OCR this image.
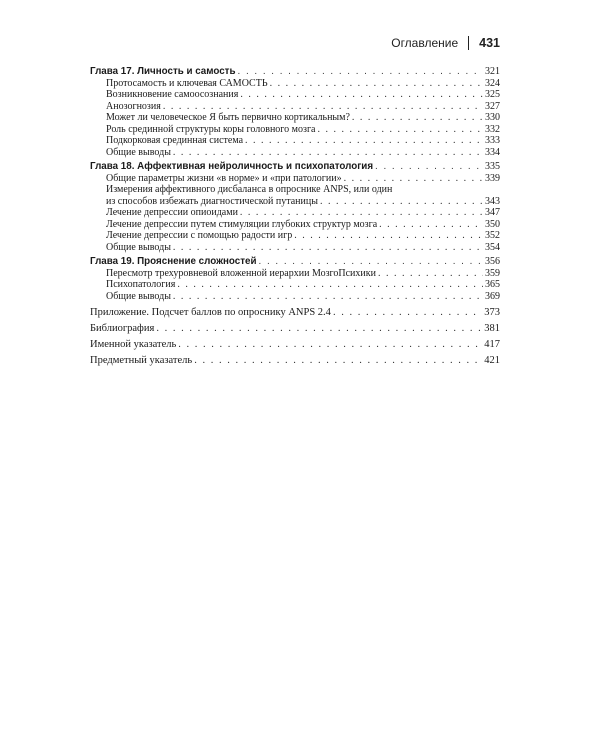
Оглавление 431
Глава 17. Личность и самость . . .	321
Протосамость и ключевая САМОСТЬ . . .	324
Возникновение самоосознания . . .	325
Анозогнозия . . .	327
Может ли человеческое Я быть первично кортикальным? . . .	330
Роль срединной структуры коры головного мозга . . .	332
Подкорковая срединная система . . .	333
Общие выводы . . .	334
Глава 18. Аффективная нейроличность и психопатология . . .	335
Общие параметры жизни «в норме» и «при патологии» . . .	339
Измерения аффективного дисбаланса в опроснике ANPS, или один
из способов избежать диагностической путаницы . . .	343
Лечение депрессии опиоидами . . .	347
Лечение депрессии путем стимуляции глубоких структур мозга . . .	350
Лечение депрессии с помощью радости игр . . .	352
Общие выводы . . .	354
Глава 19. Прояснение сложностей . . .	356
Пересмотр трехуровневой вложенной иерархии МозгоПсихики . . .	359
Психопатология . . .	365
Общие выводы . . .	369
Приложение. Подсчет баллов по опроснику ANPS 2.4 . . .	373
Библиография . . .	381
Именной указатель . . .	417
Предметный указатель . . .	421
